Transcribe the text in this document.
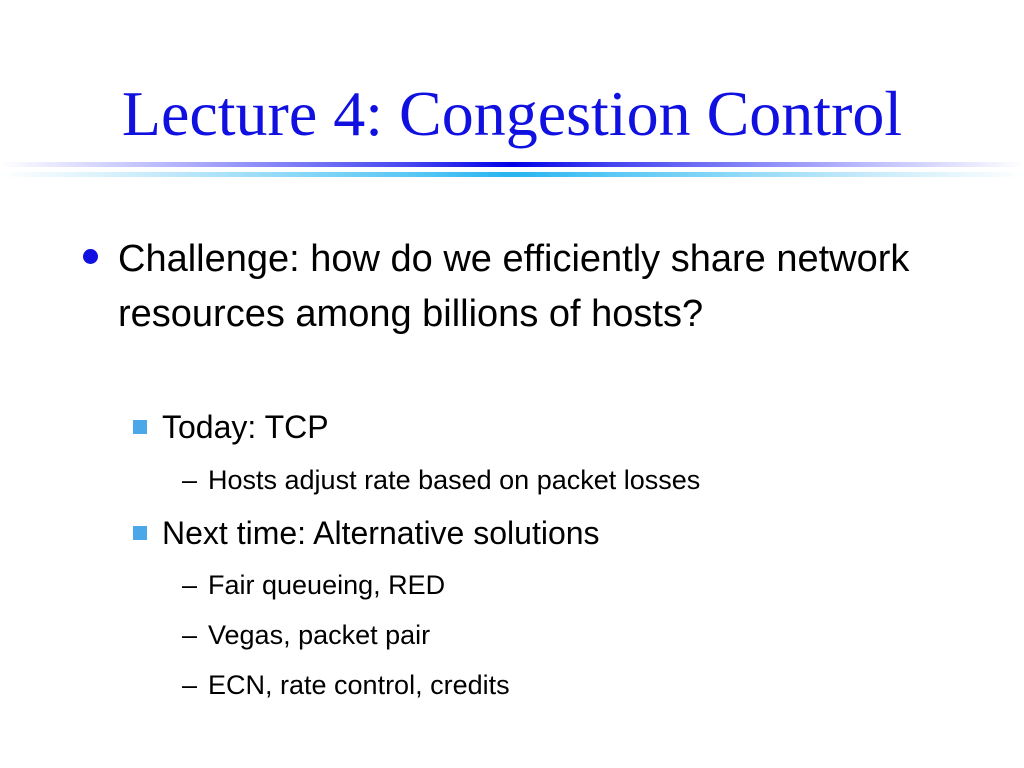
Lecture 4: Congestion Control
Challenge: how do we efficiently share network resources among billions of hosts?
Today: TCP
– Hosts adjust rate based on packet losses
Next time: Alternative solutions
– Fair queueing, RED
– Vegas, packet pair
– ECN, rate control, credits
